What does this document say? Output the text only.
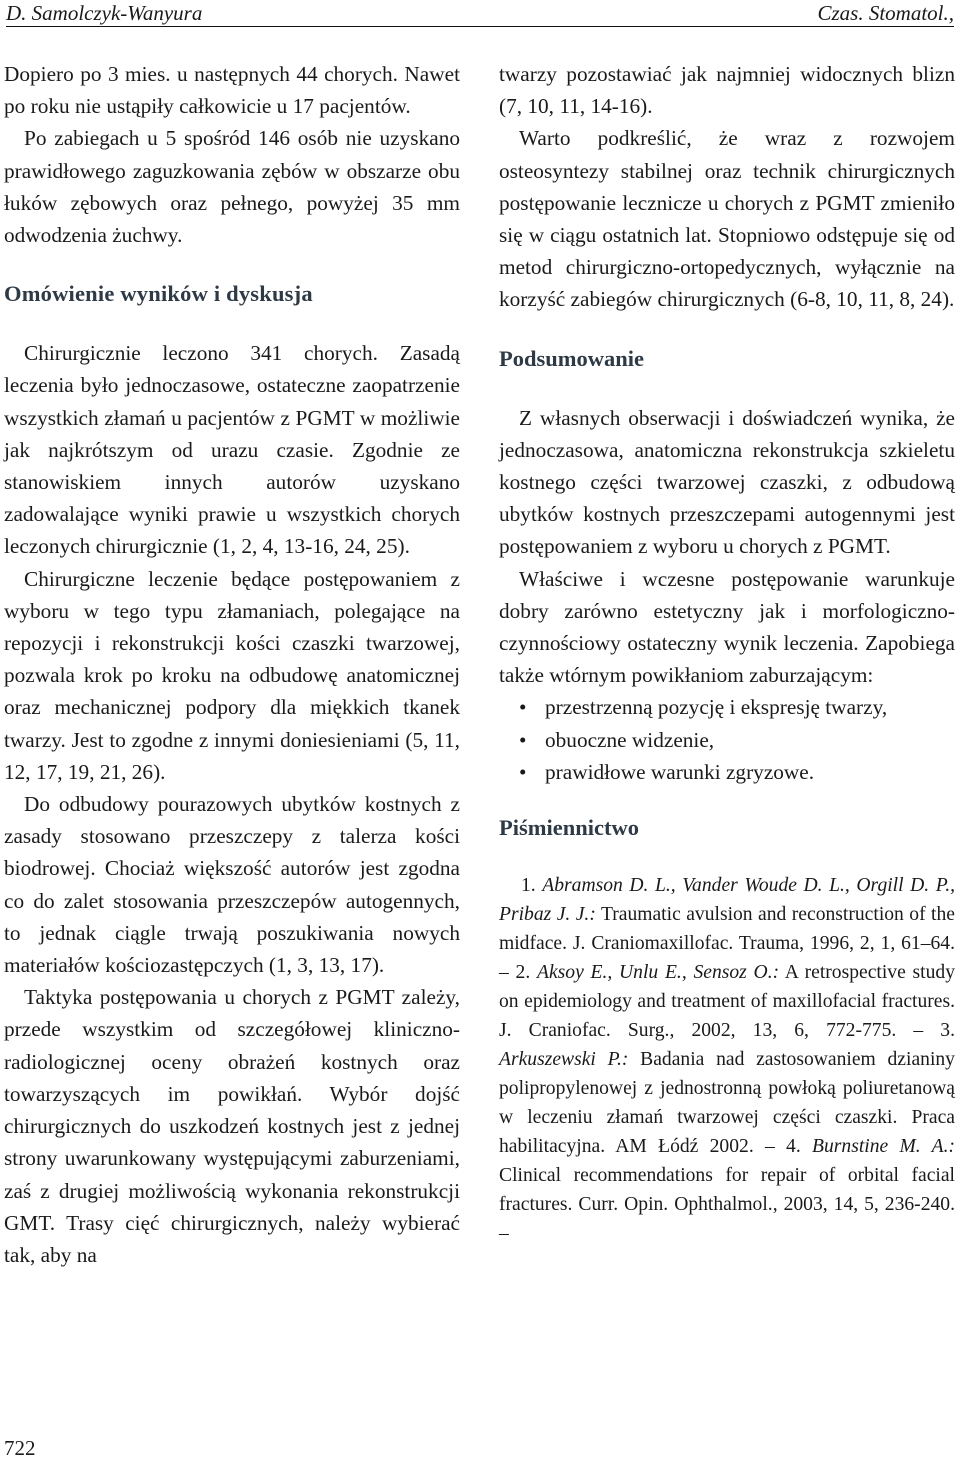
D. Samolczyk-Wanyura	Czas. Stomatol.,

Dopiero po 3 mies. u następnych 44 chorych. Nawet po roku nie ustąpiły całkowicie u 17 pacjentów.

Po zabiegach u 5 spośród 146 osób nie uzyskano prawidłowego zaguzkowania zębów w obszarze obu łuków zębowych oraz pełnego, powyżej 35 mm odwodzenia żuchwy.

Omówienie wyników i dyskusja

Chirurgicznie leczono 341 chorych. Zasadą leczenia było jednoczasowe, ostateczne zaopatrzenie wszystkich złamań u pacjentów z PGMT w możliwie jak najkrótszym od urazu czasie. Zgodnie ze stanowiskiem innych autorów uzyskano zadowalające wyniki prawie u wszystkich chorych leczonych chirurgicznie (1, 2, 4, 13-16, 24, 25).

Chirurgiczne leczenie będące postępowaniem z wyboru w tego typu złamaniach, polegające na repozycji i rekonstrukcji kości czaszki twarzowej, pozwala krok po kroku na odbudowę anatomicznej oraz mechanicznej podpory dla miękkich tkanek twarzy. Jest to zgodne z innymi doniesieniami (5, 11, 12, 17, 19, 21, 26).

Do odbudowy pourazowych ubytków kostnych z zasady stosowano przeszczepy z talerza kości biodrowej. Chociaż większość autorów jest zgodna co do zalet stosowania przeszczepów autogennych, to jednak ciągle trwają poszukiwania nowych materiałów kościozastępczych (1, 3, 13, 17).

Taktyka postępowania u chorych z PGMT zależy, przede wszystkim od szczegółowej kliniczno-radiologicznej oceny obrażeń kostnych oraz towarzyszących im powikłań. Wybór dojść chirurgicznych do uszkodzeń kostnych jest z jednej strony uwarunkowany występującymi zaburzeniami, zaś z drugiej możliwością wykonania rekonstrukcji GMT. Trasy cięć chirurgicznych, należy wybierać tak, aby na

twarzy pozostawiać jak najmniej widocznych blizn (7, 10, 11, 14-16).

Warto podkreślić, że wraz z rozwojem osteosyntezy stabilnej oraz technik chirurgicznych postępowanie lecznicze u chorych z PGMT zmieniło się w ciągu ostatnich lat. Stopniowo odstępuje się od metod chirurgiczno-ortopedycznych, wyłącznie na korzyść zabiegów chirurgicznych (6-8, 10, 11, 8, 24).

Podsumowanie

Z własnych obserwacji i doświadczeń wynika, że jednoczasowa, anatomiczna rekonstrukcja szkieletu kostnego części twarzowej czaszki, z odbudową ubytków kostnych przeszczepami autogennymi jest postępowaniem z wyboru u chorych z PGMT.

Właściwe i wczesne postępowanie warunkuje dobry zarówno estetyczny jak i morfologiczno-czynnościowy ostateczny wynik leczenia. Zapobiega także wtórnym powikłaniom zaburzającym:

• przestrzenną pozycję i ekspresję twarzy,
• obuoczne widzenie,
• prawidłowe warunki zgryzowe.
Piśmiennictwo

1. Abramson D. L., Vander Woude D. L., Orgill D. P., Pribaz J. J.: Traumatic avulsion and reconstruction of the midface. J. Craniomaxillofac. Trauma, 1996, 2, 1, 61–64. – 2. Aksoy E., Unlu E., Sensoz O.: A retrospective study on epidemiology and treatment of maxillofacial fractures. J. Craniofac. Surg., 2002, 13, 6, 772-775. – 3. Arkuszewski P.: Badania nad zastosowaniem dzianiny polipropylenowej z jednostronną powłoką poliuretanową w leczeniu złamań twarzowej części czaszki. Praca habilitacyjna. AM Łódź 2002. – 4. Burnstine M. A.: Clinical recommendations for repair of orbital facial fractures. Curr. Opin. Ophthalmol., 2003, 14, 5, 236-240. –

722
